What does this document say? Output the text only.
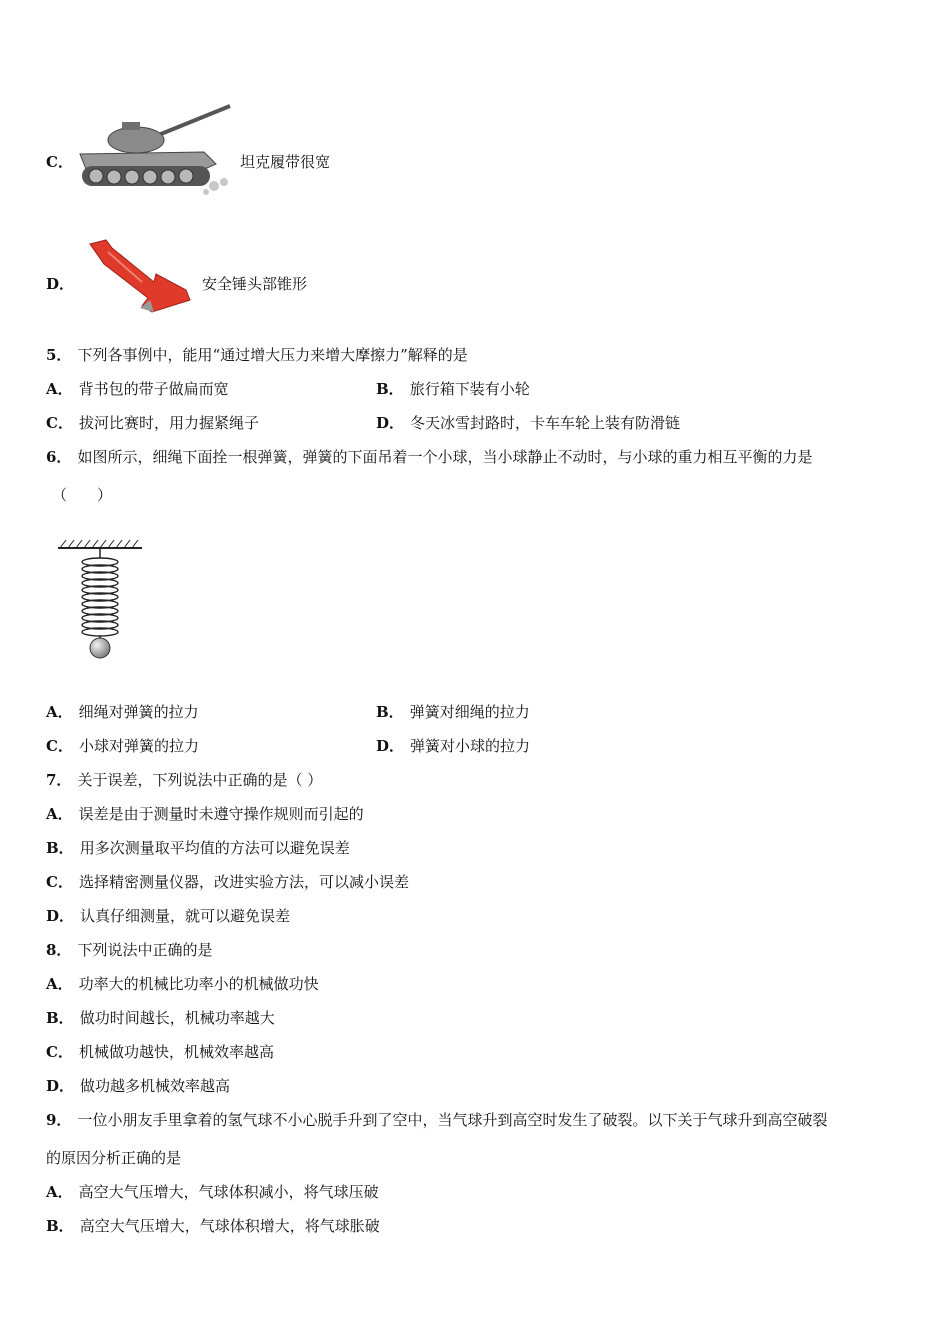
C．	坦克履带很宽
D．	安全锤头部锥形
5． 下列各事例中，能用“通过增大压力来增大摩擦力”解释的是
A． 背书包的带子做扁而宽	B． 旅行箱下装有小轮
C． 拔河比赛时，用力握紧绳子	D． 冬天冰雪封路时，卡车车轮上装有防滑链
6． 如图所示，细绳下面拴一根弹簧，弹簧的下面吊着一个小球，当小球静止不动时，与小球的重力相互平衡的力是
（　　）
A． 细绳对弹簧的拉力	B． 弹簧对细绳的拉力
C． 小球对弹簧的拉力	D． 弹簧对小球的拉力
7． 关于误差，下列说法中正确的是（ ）
A． 误差是由于测量时未遵守操作规则而引起的
B． 用多次测量取平均值的方法可以避免误差
C． 选择精密测量仪器，改进实验方法，可以减小误差
D． 认真仔细测量，就可以避免误差
8． 下列说法中正确的是
A． 功率大的机械比功率小的机械做功快
B． 做功时间越长，机械功率越大
C． 机械做功越快，机械效率越高
D． 做功越多机械效率越高
9． 一位小朋友手里拿着的氢气球不小心脱手升到了空中，当气球升到高空时发生了破裂。以下关于气球升到高空破裂
的原因分析正确的是
A． 高空大气压增大，气球体积减小，将气球压破
B． 高空大气压增大，气球体积增大，将气球胀破
